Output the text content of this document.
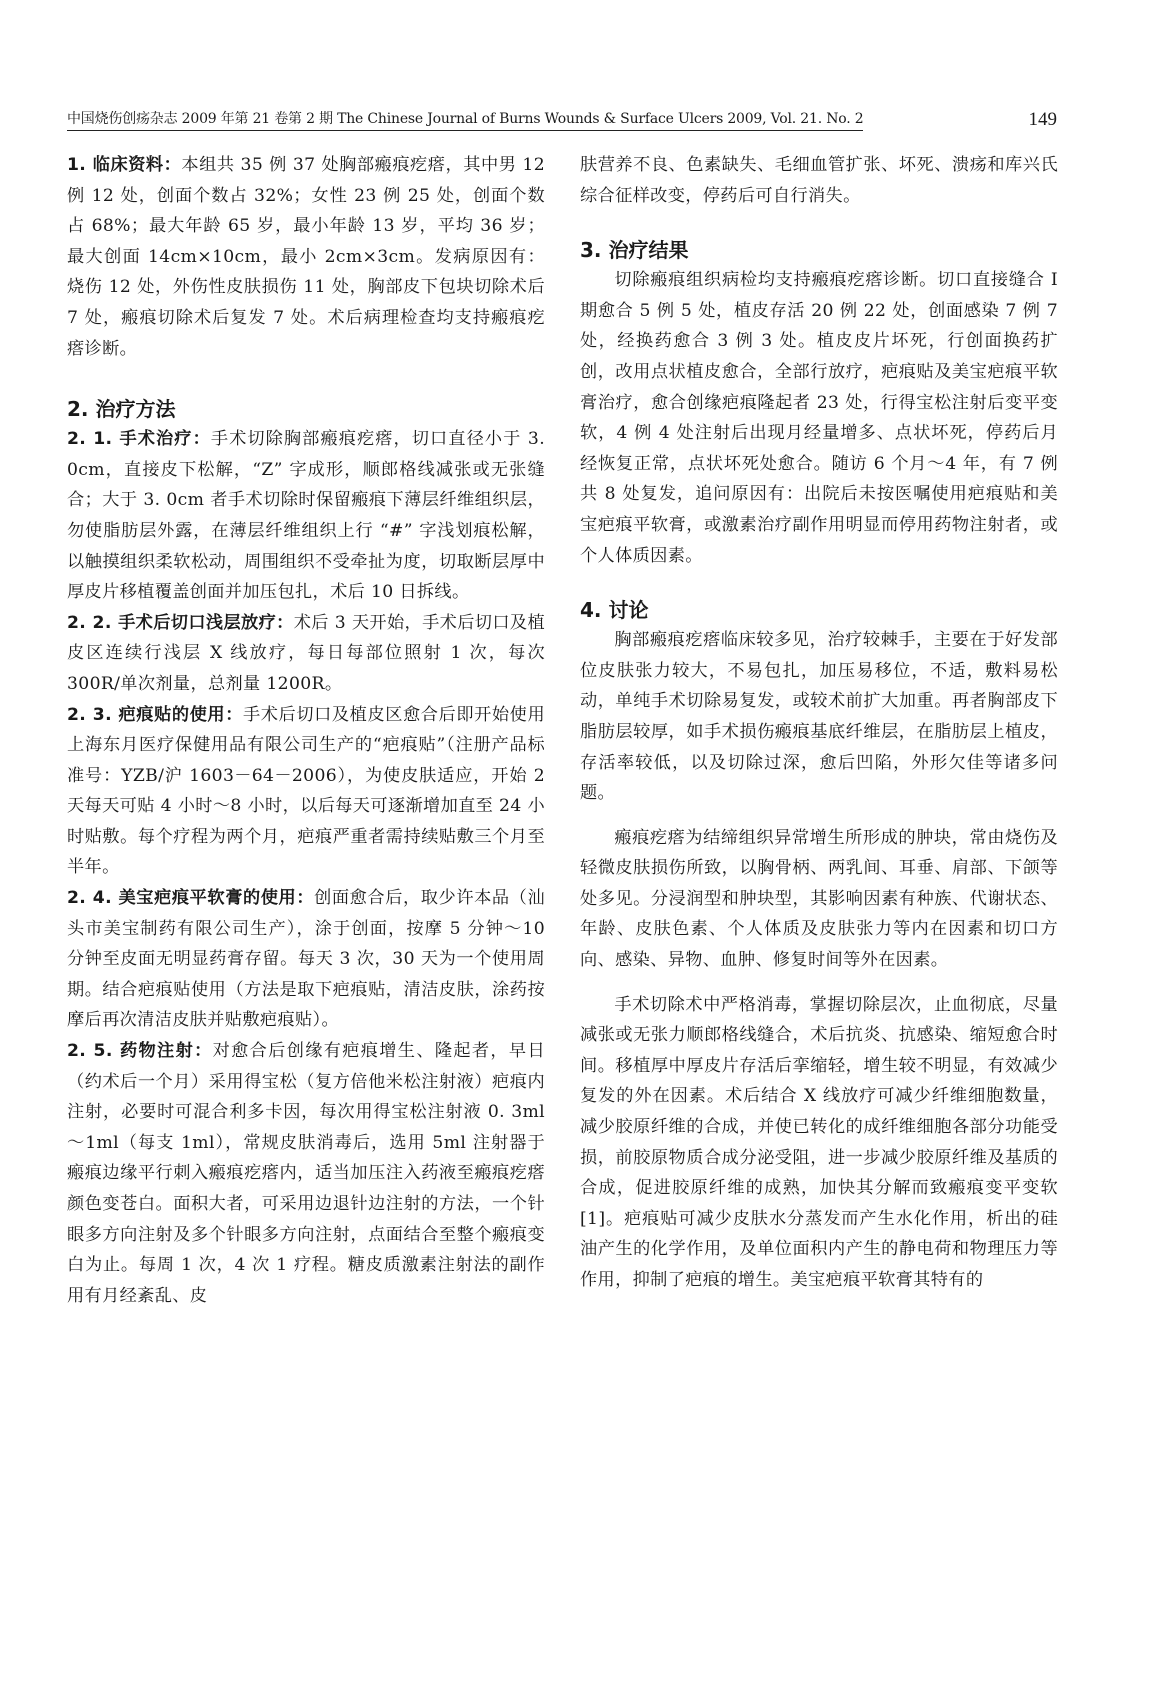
中国烧伤创疡杂志 2009 年第 21 卷第 2 期 The Chinese Journal of Burns Wounds & Surface Ulcers 2009, Vol. 21. No. 2	149

1. 临床资料：本组共 35 例 37 处胸部瘢痕疙瘩，其中男 12 例 12 处，创面个数占 32%；女性 23 例 25 处，创面个数占 68%；最大年龄 65 岁，最小年龄 13 岁，平均 36 岁；最大创面 14cm×10cm，最小 2cm×3cm。发病原因有：烧伤 12 处，外伤性皮肤损伤 11 处，胸部皮下包块切除术后 7 处，瘢痕切除术后复发 7 处。术后病理检查均支持瘢痕疙瘩诊断。

2. 治疗方法

2. 1. 手术治疗：手术切除胸部瘢痕疙瘩，切口直径小于 3. 0cm，直接皮下松解，“Z” 字成形，顺郎格线减张或无张缝合；大于 3. 0cm 者手术切除时保留瘢痕下薄层纤维组织层，勿使脂肪层外露，在薄层纤维组织上行 “#” 字浅划痕松解，以触摸组织柔软松动，周围组织不受牵扯为度，切取断层厚中厚皮片移植覆盖创面并加压包扎，术后 10 日拆线。

2. 2. 手术后切口浅层放疗：术后 3 天开始，手术后切口及植皮区连续行浅层 X 线放疗，每日每部位照射 1 次，每次 300R/单次剂量，总剂量 1200R。

2. 3. 疤痕贴的使用：手术后切口及植皮区愈合后即开始使用上海东月医疗保健用品有限公司生产的“疤痕贴”（注册产品标准号：YZB/沪 1603－64－2006），为使皮肤适应，开始 2 天每天可贴 4 小时～8 小时，以后每天可逐渐增加直至 24 小时贴敷。每个疗程为两个月，疤痕严重者需持续贴敷三个月至半年。

2. 4. 美宝疤痕平软膏的使用：创面愈合后，取少许本品（汕头市美宝制药有限公司生产），涂于创面，按摩 5 分钟～10 分钟至皮面无明显药膏存留。每天 3 次，30 天为一个使用周期。结合疤痕贴使用（方法是取下疤痕贴，清洁皮肤，涂药按摩后再次清洁皮肤并贴敷疤痕贴）。

2. 5. 药物注射：对愈合后创缘有疤痕增生、隆起者，早日（约术后一个月）采用得宝松（复方倍他米松注射液）疤痕内注射，必要时可混合利多卡因，每次用得宝松注射液 0. 3ml～1ml（每支 1ml），常规皮肤消毒后，选用 5ml 注射器于瘢痕边缘平行刺入瘢痕疙瘩内，适当加压注入药液至瘢痕疙瘩颜色变苍白。面积大者，可采用边退针边注射的方法，一个针眼多方向注射及多个针眼多方向注射，点面结合至整个瘢痕变白为止。每周 1 次，4 次 1 疗程。糖皮质激素注射法的副作用有月经紊乱、皮

肤营养不良、色素缺失、毛细血管扩张、坏死、溃疡和库兴氏综合征样改变，停药后可自行消失。

3. 治疗结果

切除瘢痕组织病检均支持瘢痕疙瘩诊断。切口直接缝合 Ⅰ 期愈合 5 例 5 处，植皮存活 20 例 22 处，创面感染 7 例 7 处，经换药愈合 3 例 3 处。植皮皮片坏死，行创面换药扩创，改用点状植皮愈合，全部行放疗，疤痕贴及美宝疤痕平软膏治疗，愈合创缘疤痕隆起者 23 处，行得宝松注射后变平变软，4 例 4 处注射后出现月经量增多、点状坏死，停药后月经恢复正常，点状坏死处愈合。随访 6 个月～4 年，有 7 例共 8 处复发，追问原因有：出院后未按医嘱使用疤痕贴和美宝疤痕平软膏，或激素治疗副作用明显而停用药物注射者，或个人体质因素。

4. 讨论

胸部瘢痕疙瘩临床较多见，治疗较棘手，主要在于好发部位皮肤张力较大，不易包扎，加压易移位，不适，敷料易松动，单纯手术切除易复发，或较术前扩大加重。再者胸部皮下脂肪层较厚，如手术损伤瘢痕基底纤维层，在脂肪层上植皮，存活率较低，以及切除过深，愈后凹陷，外形欠佳等诸多问题。

瘢痕疙瘩为结缔组织异常增生所形成的肿块，常由烧伤及轻微皮肤损伤所致，以胸骨柄、两乳间、耳垂、肩部、下颌等处多见。分浸润型和肿块型，其影响因素有种族、代谢状态、年龄、皮肤色素、个人体质及皮肤张力等内在因素和切口方向、感染、异物、血肿、修复时间等外在因素。

手术切除术中严格消毒，掌握切除层次，止血彻底，尽量减张或无张力顺郎格线缝合，术后抗炎、抗感染、缩短愈合时间。移植厚中厚皮片存活后挛缩轻，增生较不明显，有效减少复发的外在因素。术后结合 X 线放疗可减少纤维细胞数量，减少胶原纤维的合成，并使已转化的成纤维细胞各部分功能受损，前胶原物质合成分泌受阻，进一步减少胶原纤维及基质的合成，促进胶原纤维的成熟，加快其分解而致瘢痕变平变软[1]。疤痕贴可减少皮肤水分蒸发而产生水化作用，析出的硅油产生的化学作用，及单位面积内产生的静电荷和物理压力等作用，抑制了疤痕的增生。美宝疤痕平软膏其特有的
